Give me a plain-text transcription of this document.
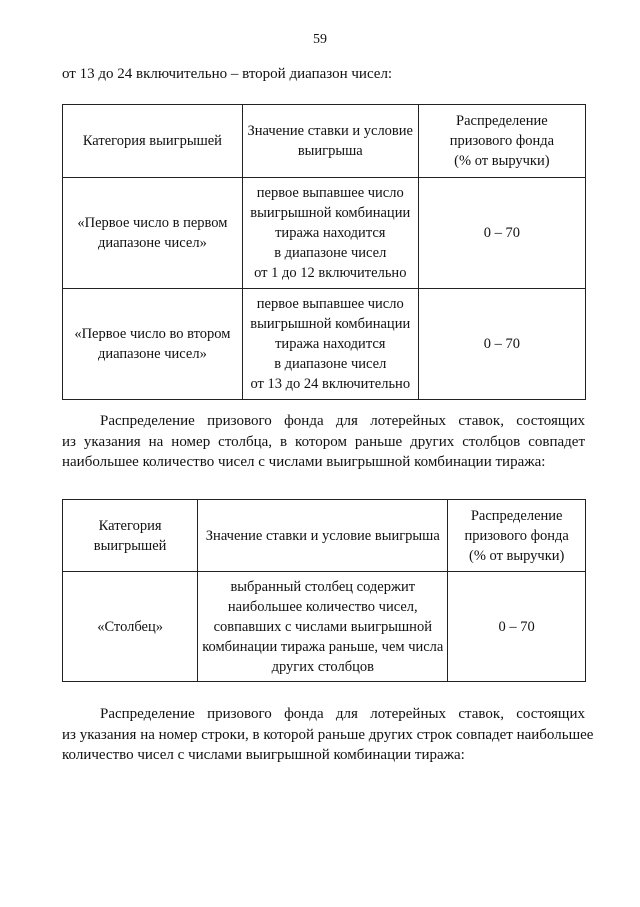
59
от 13 до 24 включительно – второй диапазон чисел:
Категория выигрышей	Значение ставки и условие
выигрыша	Распределение
призового фонда
(% от выручки)

«Первое число в первом
диапазоне чисел»	первое выпавшее число
выигрышной комбинации
тиража находится
в диапазоне чисел
от 1 до 12 включительно	0 – 70

«Первое число во втором
диапазоне чисел»	первое выпавшее число
выигрышной комбинации
тиража находится
в диапазоне чисел
от 13 до 24 включительно	0 – 70
Распределение призового фонда для лотерейных ставок, состоящих
из указания на номер столбца, в котором раньше других столбцов совпадет
наибольшее количество чисел с числами выигрышной комбинации тиража:
Категория
выигрышей	Значение ставки и условие выигрыша	Распределение
призового фонда
(% от выручки)

«Столбец»	выбранный столбец содержит
наибольшее количество чисел,
совпавших с числами выигрышной
комбинации тиража раньше, чем числа
других столбцов	0 – 70
Распределение призового фонда для лотерейных ставок, состоящих
из указания на номер строки, в которой раньше других строк совпадет наибольшее
количество чисел с числами выигрышной комбинации тиража:
